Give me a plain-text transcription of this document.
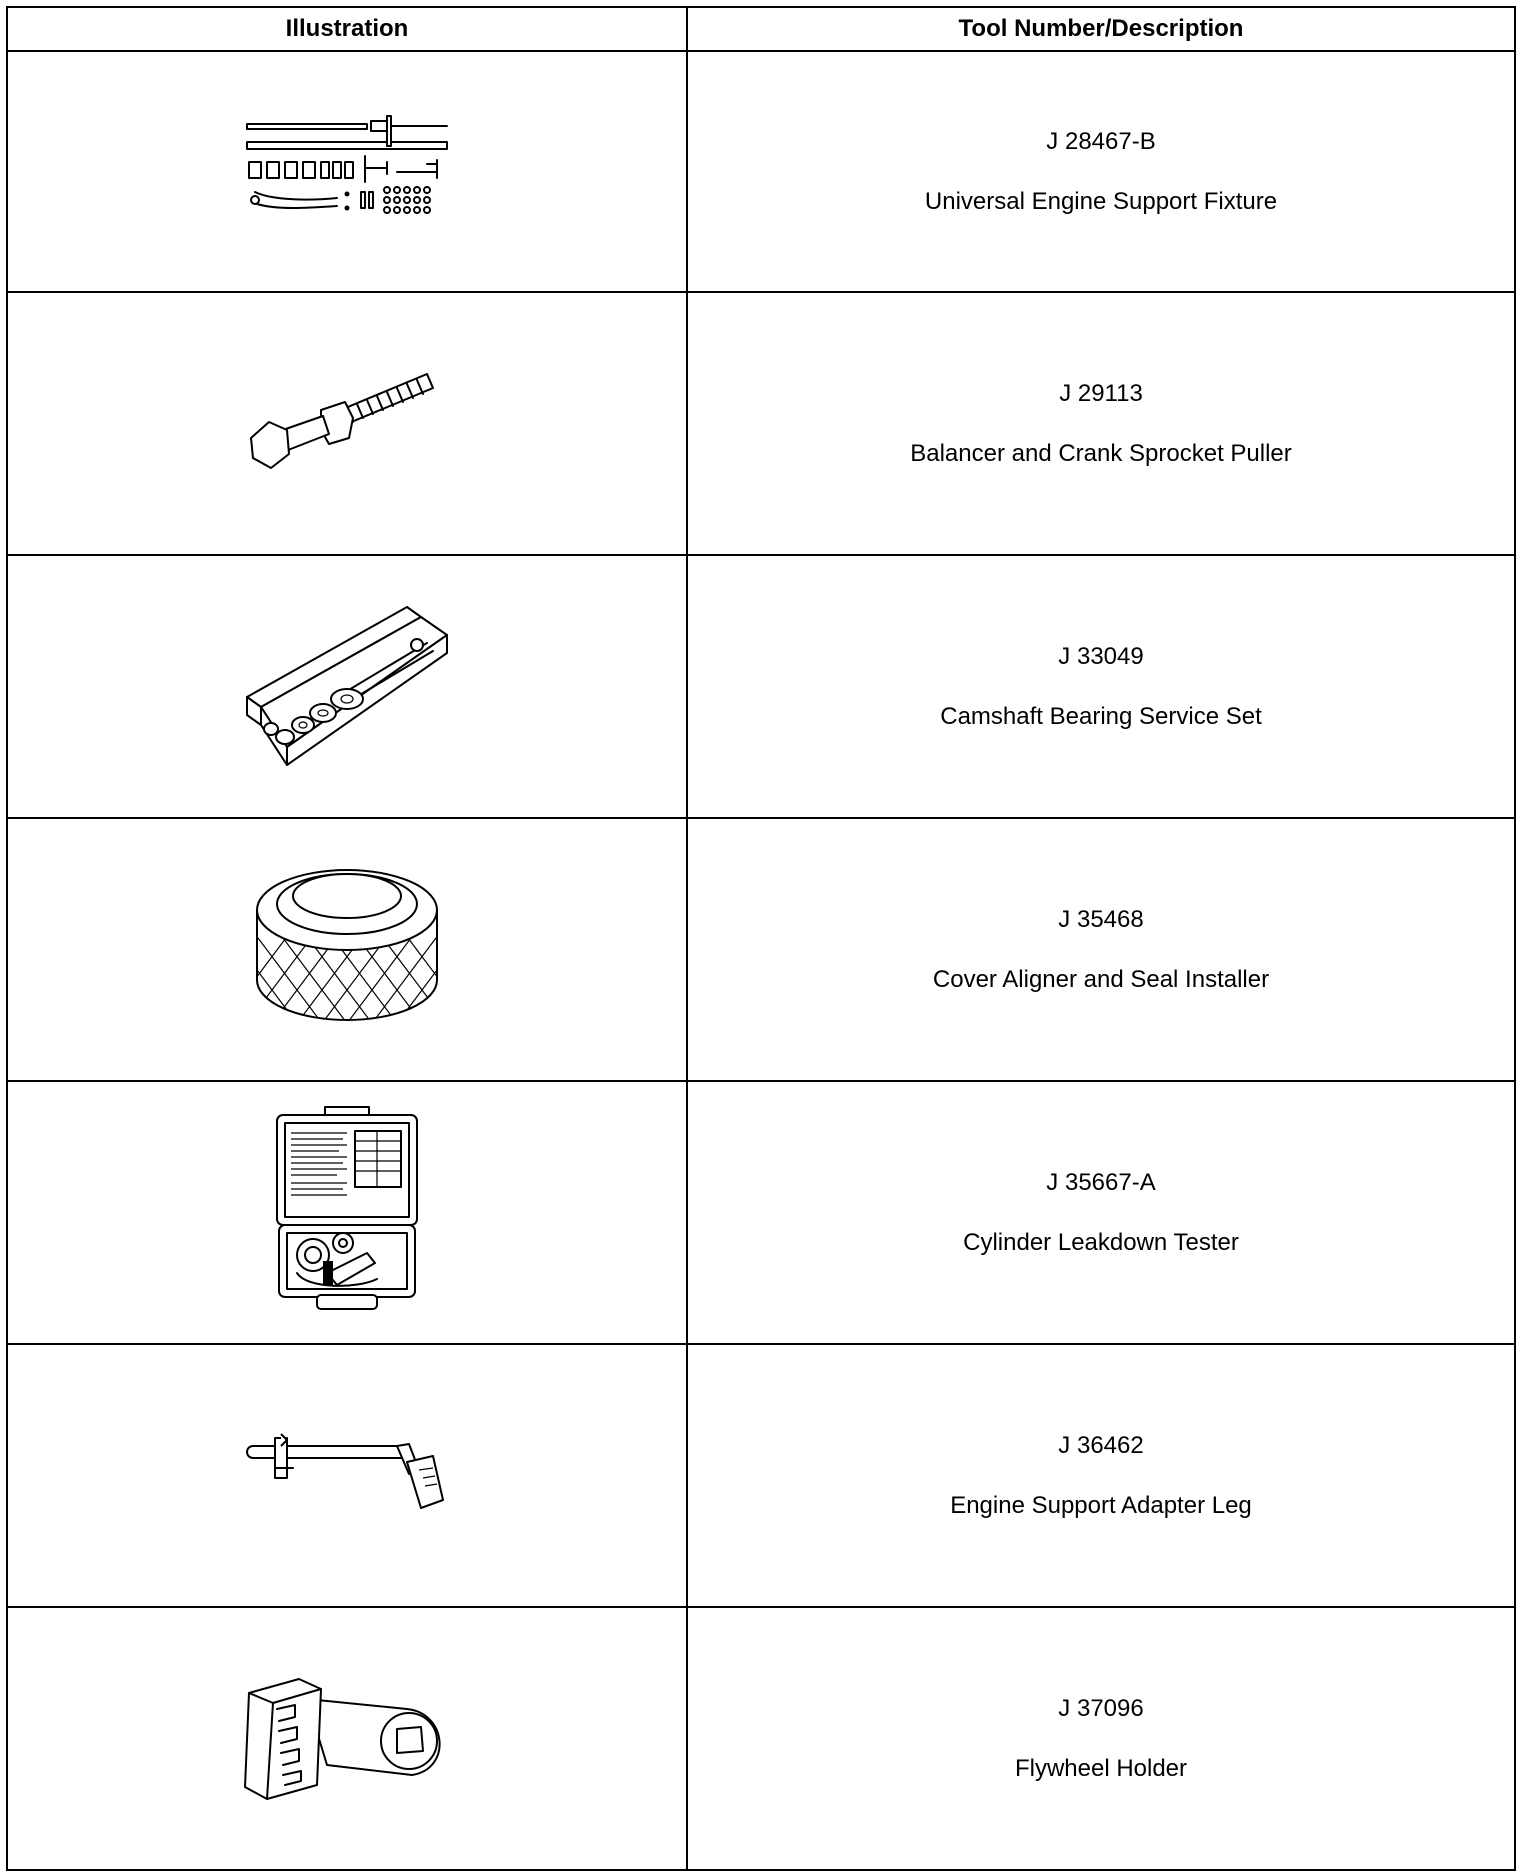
Illustration	Tool Number/Description

J 28467-B
Universal Engine Support Fixture

J 29113
Balancer and Crank Sprocket Puller

J 33049
Camshaft Bearing Service Set

J 35468
Cover Aligner and Seal Installer

J 35667-A
Cylinder Leakdown Tester

J 36462
Engine Support Adapter Leg

J 37096
Flywheel Holder
